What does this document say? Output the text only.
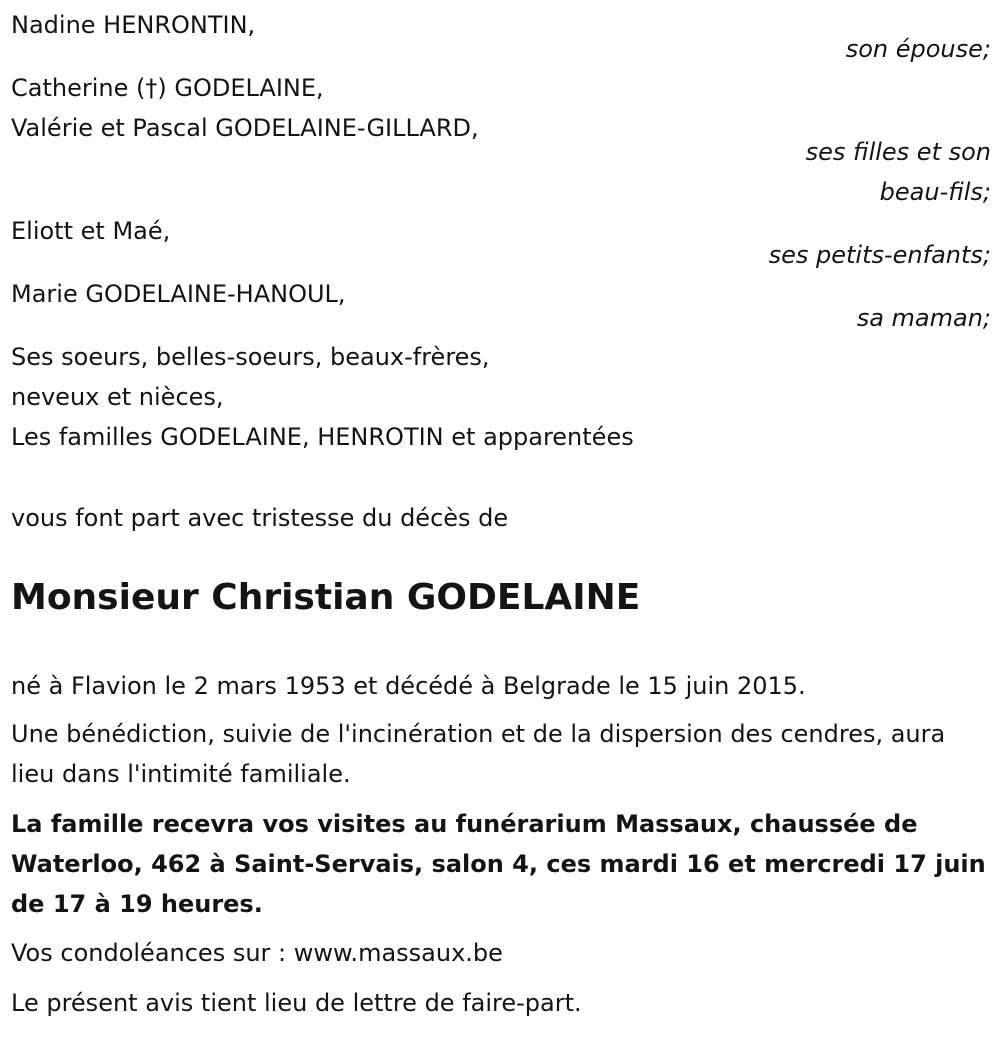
Nadine HENRONTIN,
son épouse;
Catherine (†) GODELAINE,
Valérie et Pascal GODELAINE-GILLARD,
ses filles et son
beau-fils;
Eliott et Maé,
ses petits-enfants;
Marie GODELAINE-HANOUL,
sa maman;
Ses soeurs, belles-soeurs, beaux-frères,
neveux et nièces,
Les familles GODELAINE, HENROTIN et apparentées
vous font part avec tristesse du décès de
Monsieur Christian GODELAINE
né à Flavion le 2 mars 1953 et décédé à Belgrade le 15 juin 2015.
Une bénédiction, suivie de l'incinération et de la dispersion des cendres, aura lieu dans l'intimité familiale.
La famille recevra vos visites au funérarium Massaux, chaussée de Waterloo, 462 à Saint-Servais, salon 4, ces mardi 16 et mercredi 17 juin de 17 à 19 heures.
Vos condoléances sur : www.massaux.be
Le présent avis tient lieu de lettre de faire-part.
